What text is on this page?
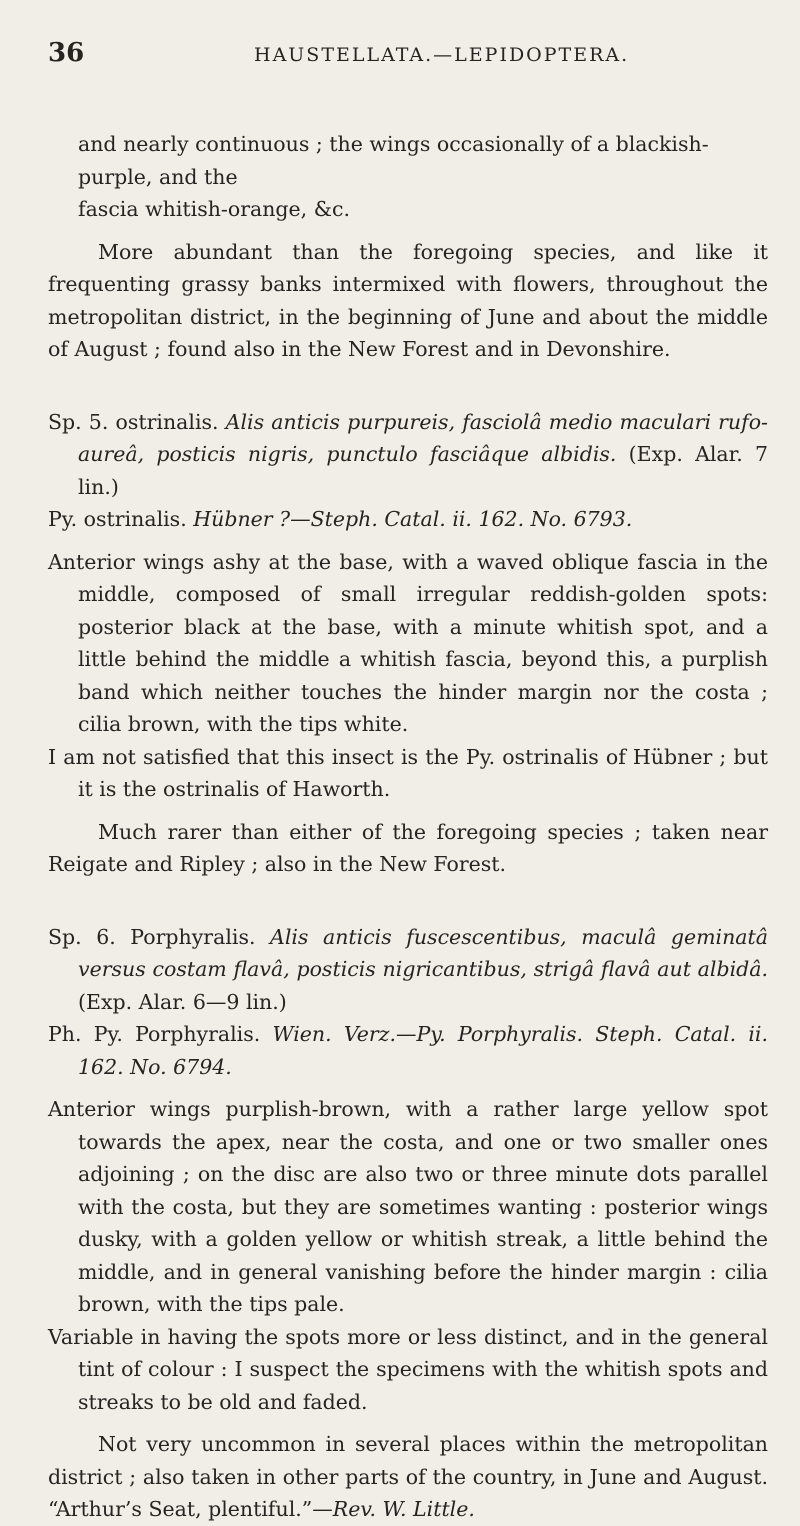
36	HAUSTELLATA.—LEPIDOPTERA.

and nearly continuous ; the wings occasionally of a blackish-purple, and the

fascia whitish-orange, &c.

More abundant than the foregoing species, and like it frequenting grassy banks intermixed with flowers, throughout the metropolitan district, in the beginning of June and about the middle of August ; found also in the New Forest and in Devonshire.

Sp. 5. ostrinalis. Alis anticis purpureis, fasciolâ medio maculari rufo-aureâ, posticis nigris, punctulo fasciâque albidis. (Exp. Alar. 7 lin.)

Py. ostrinalis. Hübner ?—Steph. Catal. ii. 162. No. 6793.

Anterior wings ashy at the base, with a waved oblique fascia in the middle, composed of small irregular reddish-golden spots: posterior black at the base, with a minute whitish spot, and a little behind the middle a whitish fascia, beyond this, a purplish band which neither touches the hinder margin nor the costa ; cilia brown, with the tips white.

I am not satisfied that this insect is the Py. ostrinalis of Hübner ; but it is the ostrinalis of Haworth.

Much rarer than either of the foregoing species ; taken near Reigate and Ripley ; also in the New Forest.

Sp. 6. Porphyralis. Alis anticis fuscescentibus, maculâ geminatâ versus costam flavâ, posticis nigricantibus, strigâ flavâ aut albidâ. (Exp. Alar. 6—9 lin.)

Ph. Py. Porphyralis. Wien. Verz.—Py. Porphyralis. Steph. Catal. ii. 162. No. 6794.

Anterior wings purplish-brown, with a rather large yellow spot towards the apex, near the costa, and one or two smaller ones adjoining ; on the disc are also two or three minute dots parallel with the costa, but they are sometimes wanting : posterior wings dusky, with a golden yellow or whitish streak, a little behind the middle, and in general vanishing before the hinder margin : cilia brown, with the tips pale.

Variable in having the spots more or less distinct, and in the general tint of colour : I suspect the specimens with the whitish spots and streaks to be old and faded.

Not very uncommon in several places within the metropolitan district ; also taken in other parts of the country, in June and August. “Arthur’s Seat, plentiful.”—Rev. W. Little.
